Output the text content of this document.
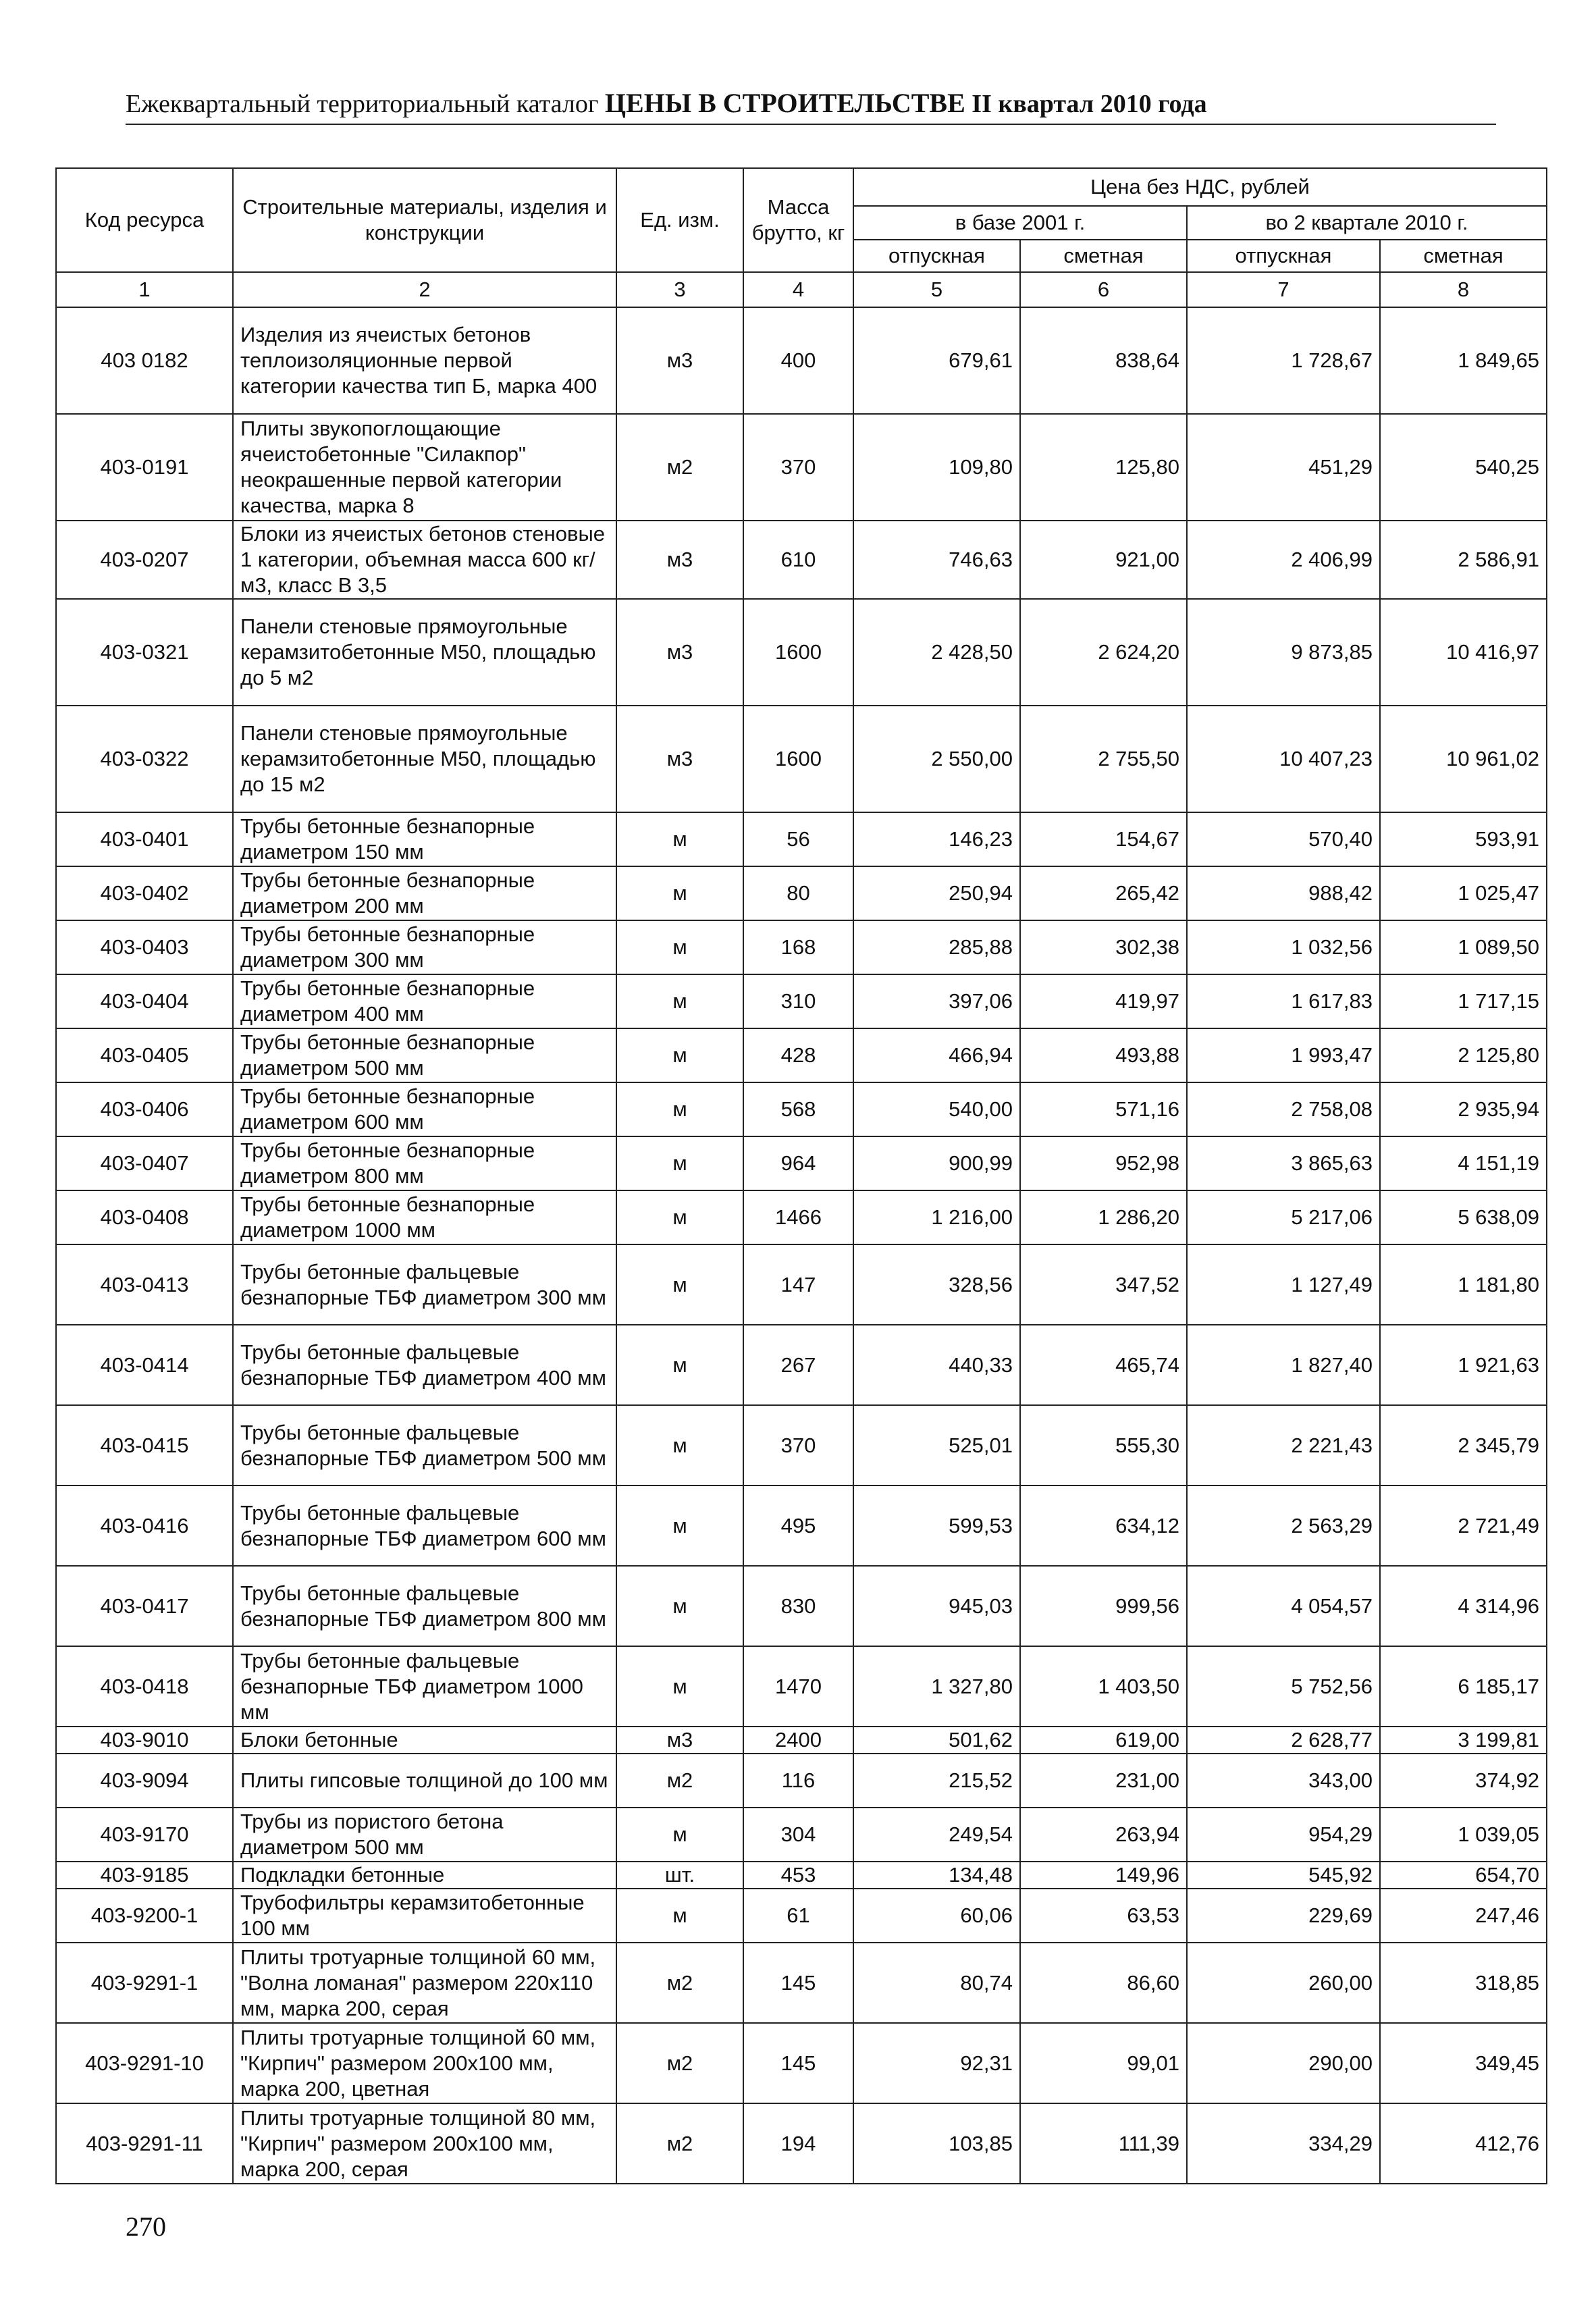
Ежеквартальный территориальный каталог ЦЕНЫ В СТРОИТЕЛЬСТВЕ II квартал 2010 года
Код ресурса	Строительные материалы, изделия и конструкции	Ед. изм.	Масса брутто, кг	Цена без НДС, рублей			
				в базе 2001 г.		во 2 квартале 2010 г.	
				отпускная	сметная	отпускная	сметная
1	2	3	4	5	6	7	8
403 0182	Изделия из ячеистых бетонов теплоизоляционные первой категории качества тип Б, марка 400	м3	400	679,61	838,64	1 728,67	1 849,65
403-0191	Плиты звукопоглощающие ячеистобетонные "Силакпор" неокрашенные первой категории качества, марка 8	м2	370	109,80	125,80	451,29	540,25
403-0207	Блоки из ячеистых бетонов стеновые 1 категории, объемная масса 600 кг/м3, класс В 3,5	м3	610	746,63	921,00	2 406,99	2 586,91
403-0321	Панели стеновые прямоугольные керамзитобетонные М50, площадью до 5 м2	м3	1600	2 428,50	2 624,20	9 873,85	10 416,97
403-0322	Панели стеновые прямоугольные керамзитобетонные М50, площадью до 15 м2	м3	1600	2 550,00	2 755,50	10 407,23	10 961,02
403-0401	Трубы бетонные безнапорные диаметром 150 мм	м	56	146,23	154,67	570,40	593,91
403-0402	Трубы бетонные безнапорные диаметром 200 мм	м	80	250,94	265,42	988,42	1 025,47
403-0403	Трубы бетонные безнапорные диаметром 300 мм	м	168	285,88	302,38	1 032,56	1 089,50
403-0404	Трубы бетонные безнапорные диаметром 400 мм	м	310	397,06	419,97	1 617,83	1 717,15
403-0405	Трубы бетонные безнапорные диаметром 500 мм	м	428	466,94	493,88	1 993,47	2 125,80
403-0406	Трубы бетонные безнапорные диаметром 600 мм	м	568	540,00	571,16	2 758,08	2 935,94
403-0407	Трубы бетонные безнапорные диаметром 800 мм	м	964	900,99	952,98	3 865,63	4 151,19
403-0408	Трубы бетонные безнапорные диаметром 1000 мм	м	1466	1 216,00	1 286,20	5 217,06	5 638,09
403-0413	Трубы бетонные фальцевые безнапорные ТБФ диаметром 300 мм	м	147	328,56	347,52	1 127,49	1 181,80
403-0414	Трубы бетонные фальцевые безнапорные ТБФ диаметром 400 мм	м	267	440,33	465,74	1 827,40	1 921,63
403-0415	Трубы бетонные фальцевые безнапорные ТБФ диаметром 500 мм	м	370	525,01	555,30	2 221,43	2 345,79
403-0416	Трубы бетонные фальцевые безнапорные ТБФ диаметром 600 мм	м	495	599,53	634,12	2 563,29	2 721,49
403-0417	Трубы бетонные фальцевые безнапорные ТБФ диаметром 800 мм	м	830	945,03	999,56	4 054,57	4 314,96
403-0418	Трубы бетонные фальцевые безнапорные ТБФ диаметром 1000 мм	м	1470	1 327,80	1 403,50	5 752,56	6 185,17
403-9010	Блоки бетонные	м3	2400	501,62	619,00	2 628,77	3 199,81
403-9094	Плиты гипсовые толщиной до 100 мм	м2	116	215,52	231,00	343,00	374,92
403-9170	Трубы из пористого бетона диаметром 500 мм	м	304	249,54	263,94	954,29	1 039,05
403-9185	Подкладки бетонные	шт.	453	134,48	149,96	545,92	654,70
403-9200-1	Трубофильтры керамзитобетонные 100 мм	м	61	60,06	63,53	229,69	247,46
403-9291-1	Плиты тротуарные толщиной 60 мм, "Волна ломаная" размером 220х110 мм, марка 200, серая	м2	145	80,74	86,60	260,00	318,85
403-9291-10	Плиты тротуарные толщиной 60 мм, "Кирпич" размером 200х100 мм, марка 200, цветная	м2	145	92,31	99,01	290,00	349,45
403-9291-11	Плиты тротуарные толщиной 80 мм, "Кирпич" размером 200х100 мм, марка 200, серая	м2	194	103,85	111,39	334,29	412,76
270
